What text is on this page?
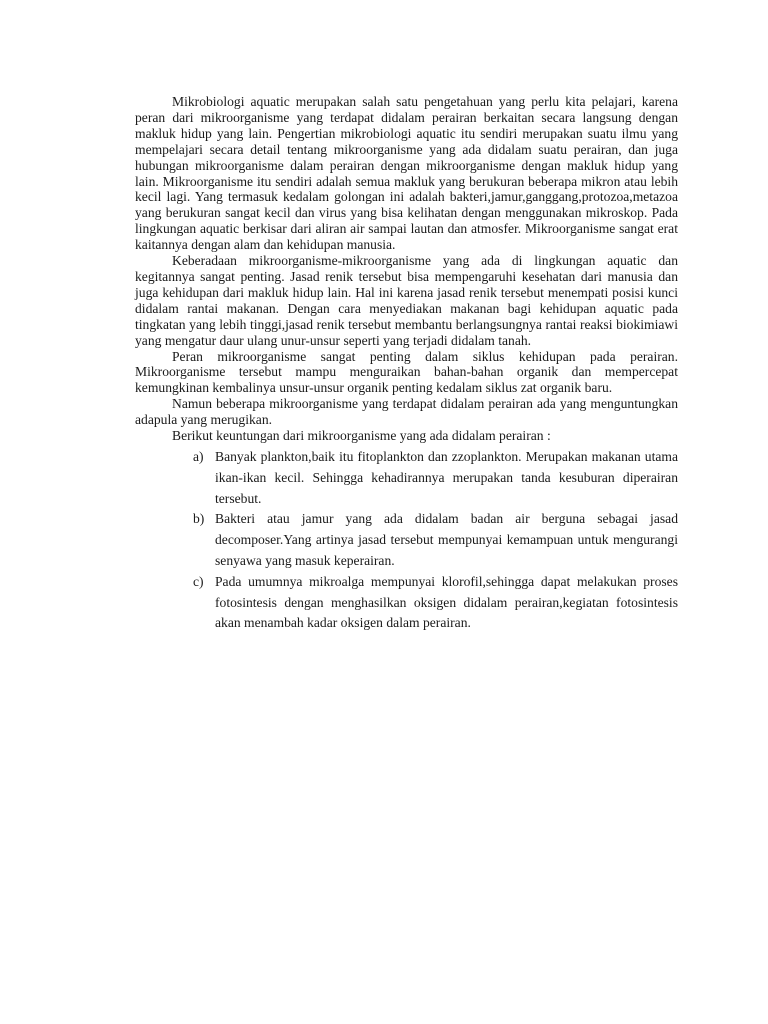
Mikrobiologi aquatic merupakan salah satu pengetahuan yang perlu kita pelajari, karena peran dari mikroorganisme yang terdapat didalam perairan berkaitan secara langsung dengan makluk hidup yang lain. Pengertian mikrobiologi aquatic itu sendiri merupakan suatu ilmu yang mempelajari secara detail tentang mikroorganisme yang ada didalam suatu perairan, dan juga hubungan mikroorganisme dalam perairan dengan mikroorganisme dengan makluk hidup yang lain. Mikroorganisme itu sendiri adalah semua makluk yang berukuran beberapa mikron atau lebih kecil lagi. Yang termasuk kedalam golongan ini adalah bakteri,jamur,ganggang,protozoa,metazoa yang berukuran sangat kecil dan virus yang bisa kelihatan dengan menggunakan mikroskop. Pada lingkungan aquatic berkisar dari aliran air sampai lautan dan atmosfer. Mikroorganisme sangat erat kaitannya dengan alam dan kehidupan manusia.

Keberadaan mikroorganisme-mikroorganisme yang ada di lingkungan aquatic dan kegitannya sangat penting. Jasad renik tersebut bisa mempengaruhi kesehatan dari manusia dan juga kehidupan dari makluk hidup lain. Hal ini karena jasad renik tersebut menempati posisi kunci didalam rantai makanan. Dengan cara menyediakan makanan bagi kehidupan aquatic pada tingkatan yang lebih tinggi,jasad renik tersebut membantu berlangsungnya rantai reaksi biokimiawi yang mengatur daur ulang unur-unsur seperti yang terjadi didalam tanah.

Peran mikroorganisme sangat penting dalam siklus kehidupan pada perairan. Mikroorganisme tersebut mampu menguraikan bahan-bahan organik dan mempercepat kemungkinan kembalinya unsur-unsur organik penting kedalam siklus zat organik baru.

Namun beberapa mikroorganisme yang terdapat didalam perairan ada yang menguntungkan adapula yang merugikan.

Berikut keuntungan dari mikroorganisme yang ada didalam perairan :

a) Banyak plankton,baik itu fitoplankton dan zzoplankton. Merupakan makanan utama ikan-ikan kecil. Sehingga kehadirannya merupakan tanda kesuburan diperairan tersebut.
b) Bakteri atau jamur yang ada didalam badan air berguna sebagai jasad decomposer.Yang artinya jasad tersebut mempunyai kemampuan untuk mengurangi senyawa yang masuk keperairan.
c) Pada umumnya mikroalga mempunyai klorofil,sehingga dapat melakukan proses fotosintesis dengan menghasilkan oksigen didalam perairan,kegiatan fotosintesis akan menambah kadar oksigen dalam perairan.
